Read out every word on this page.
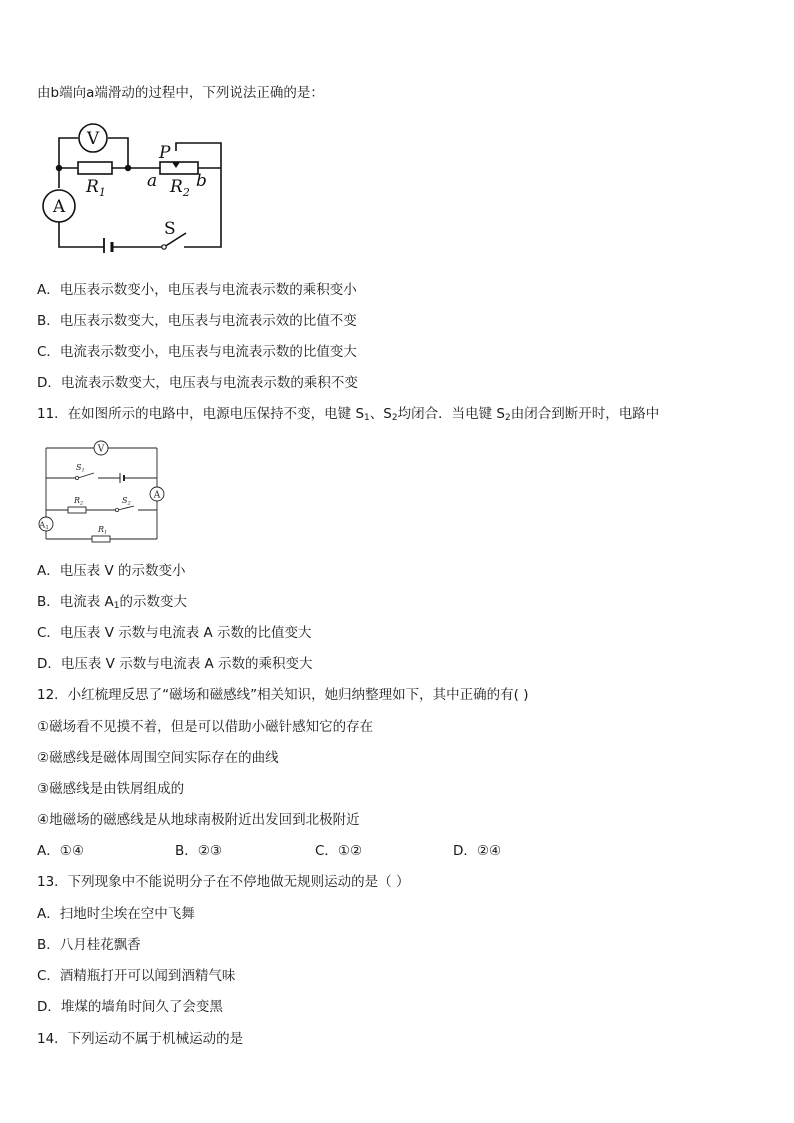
由b端向a端滑动的过程中，下列说法正确的是：
V
$R_1$
P
a $R_2$
b
A
S
A．电压表示数变小，电压表与电流表示数的乘积变小
B．电压表示数变大，电压表与电流表示效的比值不变
C．电流表示数变小，电压表与电流表示数的比值变大
D．电流表示数变大，电压表与电流表示数的乘积不变
11．在如图所示的电路中，电源电压保持不变，电键 $S_1$、$S_2$均闭合．当电键 $S_2$由闭合到断开时，电路中
V
A
A1
S1
R2	S2
R1
A．电压表 V 的示数变小
B．电流表 $A_1$的示数变大
C．电压表 V 示数与电流表 A 示数的比值变大
D．电压表 V 示数与电流表 A 示数的乘积变大
12．小红梳理反思了“磁场和磁感线”相关知识，她归纳整理如下，其中正确的有( )
①磁场看不见摸不着，但是可以借助小磁针感知它的存在
②磁感线是磁体周围空间实际存在的曲线
③磁感线是由铁屑组成的
④地磁场的磁感线是从地球南极附近出发回到北极附近
A．①④	B．②③	C．①②	D．②④
13．下列现象中不能说明分子在不停地做无规则运动的是（ ）
A．扫地时尘埃在空中飞舞
B．八月桂花飘香
C．酒精瓶打开可以闻到酒精气味
D．堆煤的墙角时间久了会变黑
14．下列运动不属于机械运动的是
